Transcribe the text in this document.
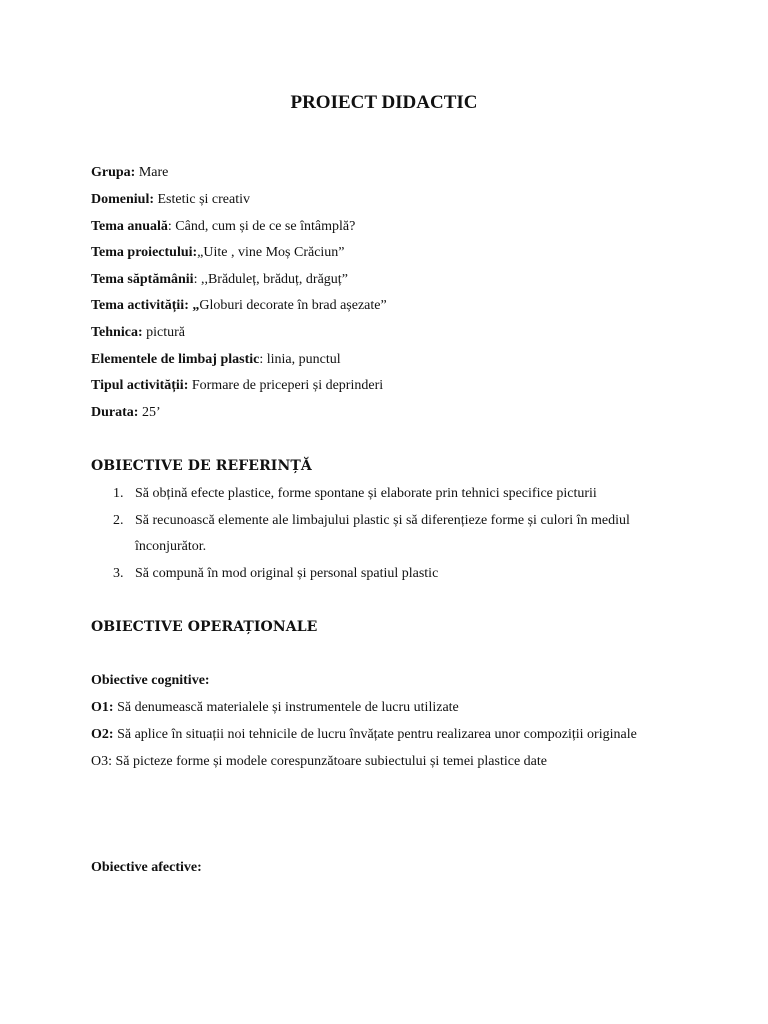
PROIECT DIDACTIC
Grupa: Mare
Domeniul: Estetic și creativ
Tema anuală: Când, cum și de ce se întâmplă?
Tema proiectului:„Uite , vine Moș Crăciun”
Tema săptămânii: ,,Brăduleț, brăduț, drăguț”
Tema activității: „Globuri decorate în brad așezate”
Tehnica: pictură
Elementele de limbaj plastic: linia, punctul
Tipul activității: Formare de priceperi și deprinderi
Durata: 25’
OBIECTIVE DE REFERINȚĂ
1. Să obțină efecte plastice, forme spontane și elaborate prin tehnici specifice picturii
2. Să recunoască elemente ale limbajului plastic și să diferențieze forme și culori în mediul
înconjurător.
3. Să compună în mod original și personal spatiul plastic
OBIECTIVE OPERAȚIONALE
Obiective cognitive:
O1: Să denumească materialele și instrumentele de lucru utilizate
O2: Să aplice în situații noi tehnicile de lucru învățate pentru realizarea unor compoziții originale
O3: Să picteze forme și modele corespunzătoare subiectului și temei plastice date
Obiective afective:
